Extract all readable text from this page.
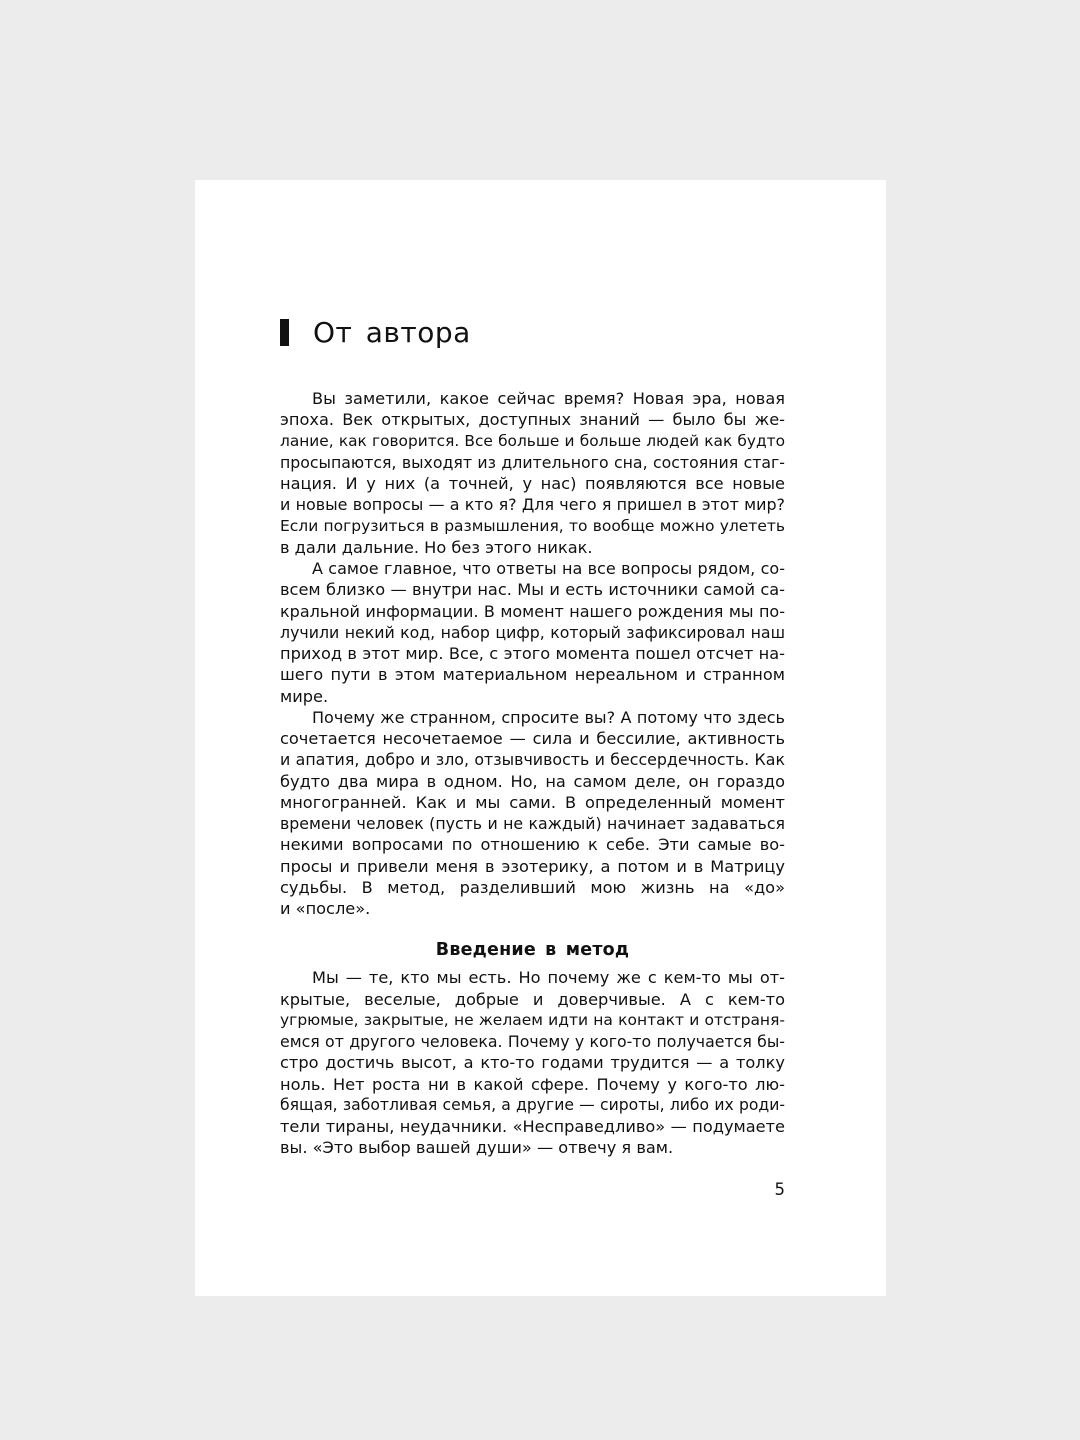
От автора
Вы заметили, какое сейчас время? Новая эра, новая
эпоха. Век открытых, доступных знаний — было бы же-
лание, как говорится. Все больше и больше людей как будто
просыпаются, выходят из длительного сна, состояния стаг-
нация. И у них (а точней, у нас) появляются все новые
и новые вопросы — а кто я? Для чего я пришел в этот мир?
Если погрузиться в размышления, то вообще можно улететь
в дали дальние. Но без этого никак.
А самое главное, что ответы на все вопросы рядом, со-
всем близко — внутри нас. Мы и есть источники самой са-
кральной информации. В момент нашего рождения мы по-
лучили некий код, набор цифр, который зафиксировал наш
приход в этот мир. Все, с этого момента пошел отсчет на-
шего пути в этом материальном нереальном и странном
мире.
Почему же странном, спросите вы? А потому что здесь
сочетается несочетаемое — сила и бессилие, активность
и апатия, добро и зло, отзывчивость и бессердечность. Как
будто два мира в одном. Но, на самом деле, он гораздо
многогранней. Как и мы сами. В определенный момент
времени человек (пусть и не каждый) начинает задаваться
некими вопросами по отношению к себе. Эти самые во-
просы и привели меня в эзотерику, а потом и в Матрицу
судьбы. В метод, разделивший мою жизнь на «до»
и «после».
Введение в метод
Мы — те, кто мы есть. Но почему же с кем-то мы от-
крытые, веселые, добрые и доверчивые. А с кем-то
угрюмые, закрытые, не желаем идти на контакт и отстраня-
емся от другого человека. Почему у кого-то получается бы-
стро достичь высот, а кто-то годами трудится — а толку
ноль. Нет роста ни в какой сфере. Почему у кого-то лю-
бящая, заботливая семья, а другие — сироты, либо их роди-
тели тираны, неудачники. «Несправедливо» — подумаете
вы. «Это выбор вашей души» — отвечу я вам.
5
